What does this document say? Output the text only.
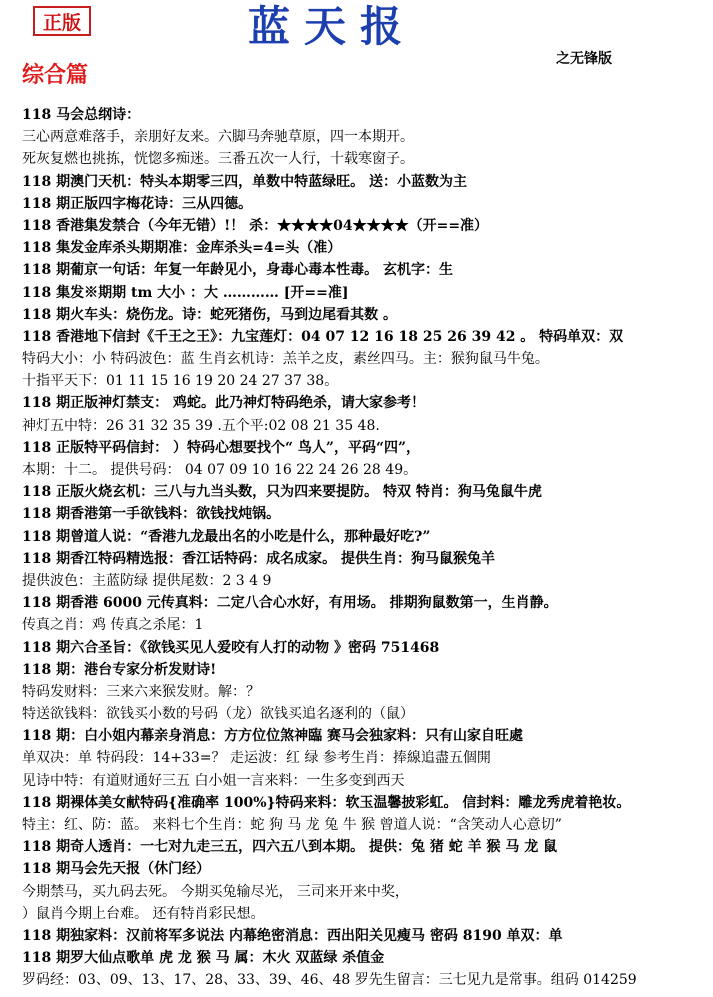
正版	蓝天报
之无锋版
综合篇
118 马会总纲诗：
三心两意难落手，亲朋好友来。六脚马奔驰草原，四一本期开。
死灰复燃也挑拣，恍惚多痴迷。三番五次一人行，十载寒窗子。
118 期澳门天机：特头本期零三四，单数中特蓝绿旺。 送：小蓝数为主
118 期正版四字梅花诗：三从四德。
118 香港集发禁合（今年无错）!！ 杀：★★★★04★★★★（开==准）
118 集发金库杀头期期准：金库杀头=4=头（准）
118 期葡京一句话：年复一年龄见小，身毒心毒本性毒。 玄机字：生
118 集发※期期 tm 大小 ：大 ………… [开==准]
118 期火车头：烧伤龙。诗：蛇死猪伤，马到边尾看其数 。
118 香港地下信封《千王之王》：九宝莲灯：04 07 12 16 18 25 26 39 42 。 特码单双：双
特码大小：小 特码波色：蓝 生肖玄机诗：羔羊之皮，素丝四马。主：猴狗鼠马牛兔。
十指平天下：01 11 15 16 19 20 24 27 37 38。
118 期正版神灯禁支： 鸡蛇。此乃神灯特码绝杀，请大家参考！
神灯五中特：26 31 32 35 39 .五个平:02 08 21 35 48.
118 正版特平码信封： ）特码心想要找个“ 鸟人”，平码“四”，
本期：十二。 提供号码： 04 07 09 10 16 22 24 26 28 49。
118 正版火烧玄机：三八与九当头数，只为四来要提防。 特双 特肖：狗马兔鼠牛虎
118 期香港第一手欲钱料：欲钱找炖锅。
118 期曾道人说：“香港九龙最出名的小吃是什么，那种最好吃?”
118 期香江特码精选报：香江话特码：成名成家。 提供生肖：狗马鼠猴兔羊
提供波色：主蓝防绿 提供尾数：2 3 4 9
118 期香港 6000 元传真料：二定八合心水好，有用场。 排期狗鼠数第一，生肖静。
传真之肖：鸡 传真之杀尾：1
118 期六合圣旨：《欲钱买见人爱咬有人打的动物 》密码 751468
118 期：港台专家分析发财诗!
特码发财料：三来六来猴发财。解：？
特送欲钱料：欲钱买小数的号码（龙）欲钱买追名逐利的（鼠）
118 期：白小姐内幕亲身消息：方方位位煞神臨 赛马会独家料：只有山家自旺處
单双决：单 特码段：14+33=？ 走运波：红 绿 参考生肖：捧線追盡五個開
见诗中特：有道财通好三五 白小姐一言来料：一生多变到西天
118 期裸体美女献特码{准确率 100%}特码来料：软玉温馨披彩虹。 信封料：雕龙秀虎着艳妆。
特主：红、防：蓝。 来料七个生肖：蛇 狗 马 龙 兔 牛 猴 曾道人说：“含笑动人心意切”
118 期奇人透肖：一七对九走三五，四六五八到本期。 提供：兔 猪 蛇 羊 猴 马 龙 鼠
118 期马会先天报（休门经）
今期禁马，买九码去死。 今期买兔输尽光， 三司来开来中奖，
）鼠肖今期上台难。 还有特肖彩民想。
118 期独家料：汉前将军多说法 内幕绝密消息：西出阳关见瘦马 密码 8190 单双：单
118 期罗大仙点歌单 虎 龙 猴 马 属：木火 双蓝绿 杀值金
罗码经：03、09、13、17、28、33、39、46、48 罗先生留言：三七见九是常事。组码 014259
